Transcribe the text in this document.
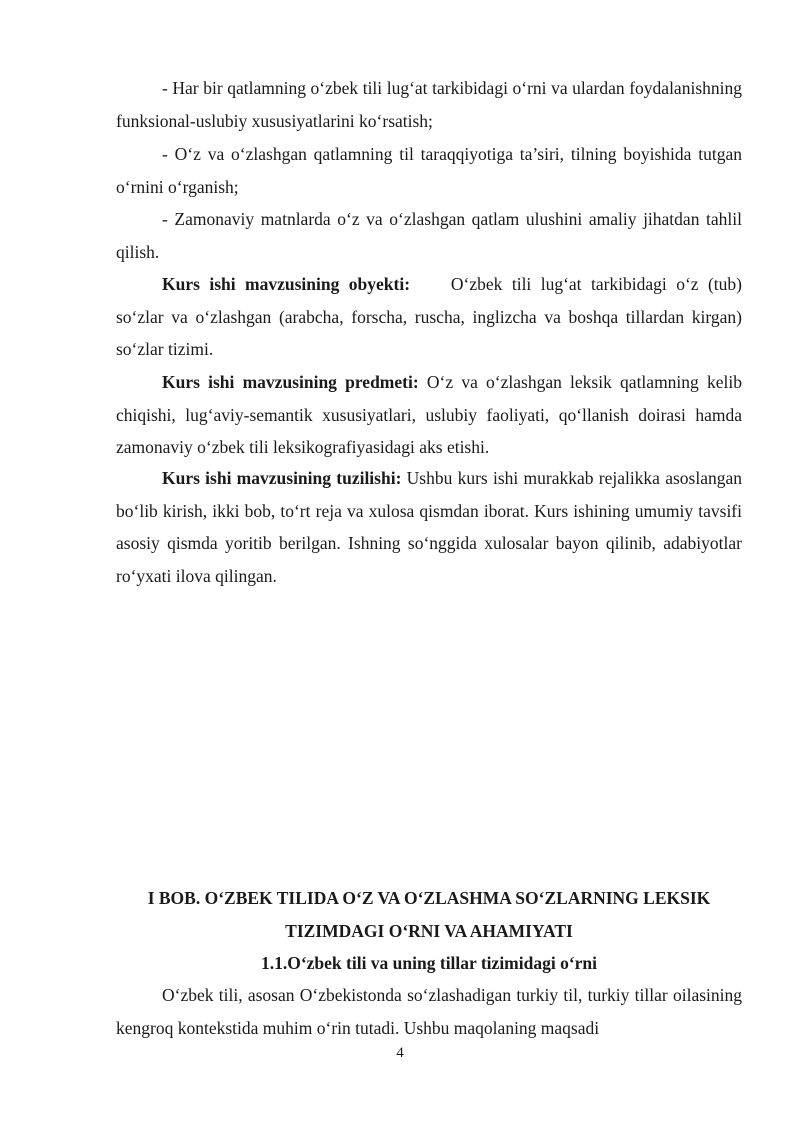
- Har bir qatlamning o‘zbek tili lug‘at tarkibidagi o‘rni va ulardan foydalanishning funksional-uslubiy xususiyatlarini ko‘rsatish;

- O‘z va o‘zlashgan qatlamning til taraqqiyotiga ta’siri, tilning boyishida tutgan o‘rnini o‘rganish;

- Zamonaviy matnlarda o‘z va o‘zlashgan qatlam ulushini amaliy jihatdan tahlil qilish.

Kurs ishi mavzusining obyekti: O‘zbek tili lug‘at tarkibidagi o‘z (tub) so‘zlar va o‘zlashgan (arabcha, forscha, ruscha, inglizcha va boshqa tillardan kirgan) so‘zlar tizimi.

Kurs ishi mavzusining predmeti: O‘z va o‘zlashgan leksik qatlamning kelib chiqishi, lug‘aviy-semantik xususiyatlari, uslubiy faoliyati, qo‘llanish doirasi hamda zamonaviy o‘zbek tili leksikografiyasidagi aks etishi.

Kurs ishi mavzusining tuzilishi: Ushbu kurs ishi murakkab rejalikka asoslangan bo‘lib kirish, ikki bob, to‘rt reja va xulosa qismdan iborat. Kurs ishining umumiy tavsifi asosiy qismda yoritib berilgan. Ishning so‘nggida xulosalar bayon qilinib, adabiyotlar ro‘yxati ilova qilingan.

I BOB. O‘ZBEK TILIDA O‘Z VA O‘ZLASHMA SO‘ZLARNING LEKSIK
TIZIMDAGI O‘RNI VA AHAMIYATI
1.1.O‘zbek tili va uning tillar tizimidagi o‘rni

O‘zbek tili, asosan O‘zbekistonda so‘zlashadigan turkiy til, turkiy tillar oilasining kengroq kontekstida muhim o‘rin tutadi. Ushbu maqolaning maqsadi

4
